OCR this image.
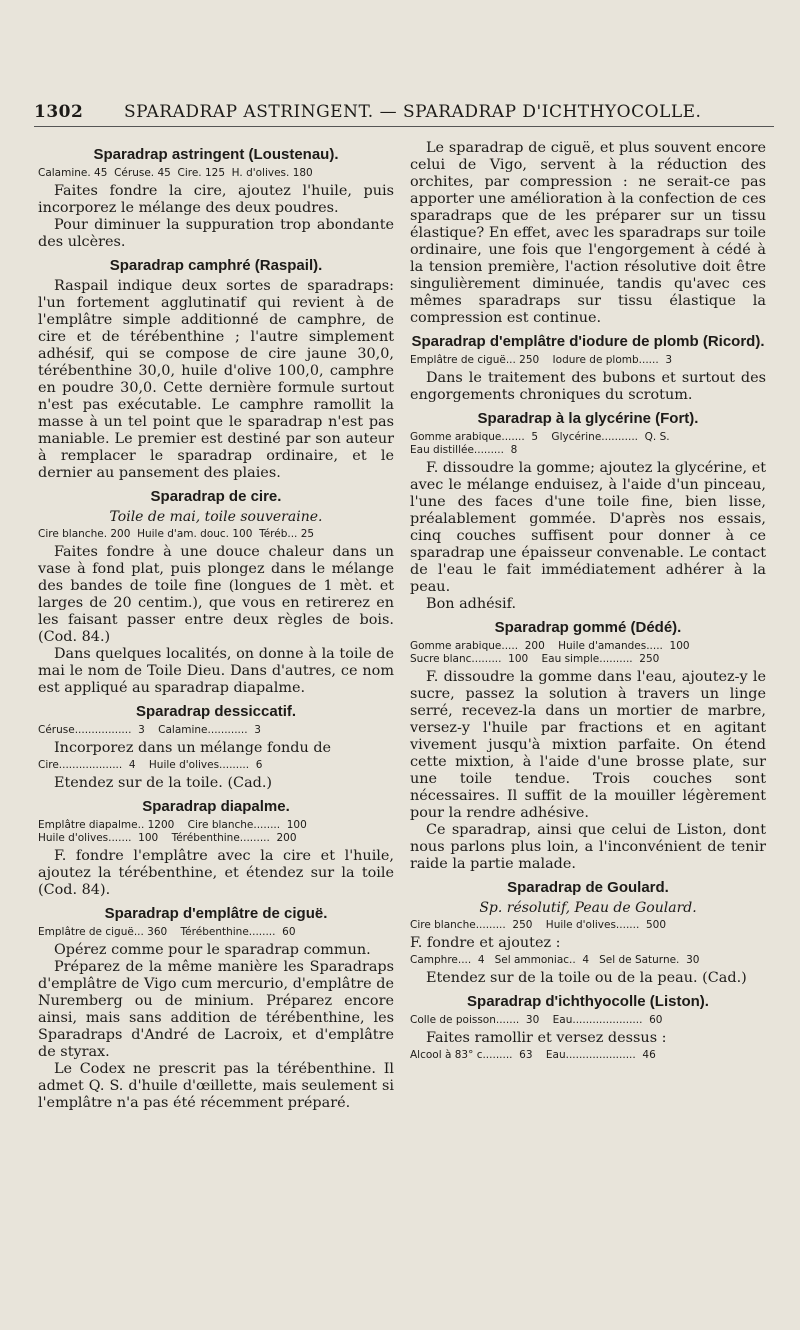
1302 SPARADRAP ASTRINGENT. — SPARADRAP D'ICHTHYOCOLLE.
Sparadrap astringent (Loustenau).
Calamine. 45  Céruse. 45  Cire. 125  H. d'olives. 180

Faites fondre la cire, ajoutez l'huile, puis incorporez le mélange des deux poudres.

Pour diminuer la suppuration trop abondante des ulcères.

Sparadrap camphré (Raspail).

Raspail indique deux sortes de sparadraps: l'un fortement agglutinatif qui revient à de l'emplâtre simple additionné de camphre, de cire et de térébenthine ; l'autre simplement adhésif, qui se compose de cire jaune 30,0, térébenthine 30,0, huile d'olive 100,0, camphre en poudre 30,0. Cette dernière formule surtout n'est pas exécutable. Le camphre ramollit la masse à un tel point que le sparadrap n'est pas maniable. Le premier est destiné par son auteur à remplacer le sparadrap ordinaire, et le dernier au pansement des plaies.

Sparadrap de cire.
Toile de mai, toile souveraine.
Cire blanche. 200  Huile d'am. douc. 100  Téréb... 25

Faites fondre à une douce chaleur dans un vase à fond plat, puis plongez dans le mélange des bandes de toile fine (longues de 1 mèt. et larges de 20 centim.), que vous en retirerez en les faisant passer entre deux règles de bois. (Cod. 84.)

Dans quelques localités, on donne à la toile de mai le nom de Toile Dieu. Dans d'autres, ce nom est appliqué au sparadrap diapalme.

Sparadrap dessiccatif.
Céruse.................  3    Calamine............  3

Incorporez dans un mélange fondu de

Cire...................  4    Huile d'olives.........  6

Etendez sur de la toile. (Cad.)

Sparadrap diapalme.
Emplâtre diapalme.. 1200    Cire blanche........  100
Huile d'olives.......  100    Térébenthine.........  200

F. fondre l'emplâtre avec la cire et l'huile, ajoutez la térébenthine, et étendez sur la toile (Cod. 84).

Sparadrap d'emplâtre de ciguë.
Emplâtre de ciguë... 360    Térébenthine........  60

Opérez comme pour le sparadrap commun.

Préparez de la même manière les Sparadraps d'emplâtre de Vigo cum mercurio, d'emplâtre de Nuremberg ou de minium. Préparez encore ainsi, mais sans addition de térébenthine, les Sparadraps d'André de Lacroix, et d'emplâtre de styrax.

Le Codex ne prescrit pas la térébenthine. Il admet Q. S. d'huile d'œillette, mais seulement si l'emplâtre n'a pas été récemment préparé.

Le sparadrap de ciguë, et plus souvent encore celui de Vigo, servent à la réduction des orchites, par compression : ne serait-ce pas apporter une amélioration à la confection de ces sparadraps que de les préparer sur un tissu élastique? En effet, avec les sparadraps sur toile ordinaire, une fois que l'engorgement à cédé à la tension première, l'action résolutive doit être singulièrement diminuée, tandis qu'avec ces mêmes sparadraps sur tissu élastique la compression est continue.

Sparadrap d'emplâtre d'iodure de plomb (Ricord).
Emplâtre de ciguë... 250    Iodure de plomb......  3

Dans le traitement des bubons et surtout des engorgements chroniques du scrotum.

Sparadrap à la glycérine (Fort).
Gomme arabique.......  5    Glycérine...........  Q. S.
Eau distillée.........  8

F. dissoudre la gomme; ajoutez la glycérine, et avec le mélange enduisez, à l'aide d'un pinceau, l'une des faces d'une toile fine, bien lisse, préalablement gommée. D'après nos essais, cinq couches suffisent pour donner à ce sparadrap une épaisseur convenable. Le contact de l'eau le fait immédiatement adhérer à la peau.

Bon adhésif.

Sparadrap gommé (Dédé).
Gomme arabique.....  200    Huile d'amandes.....  100
Sucre blanc.........  100    Eau simple..........  250

F. dissoudre la gomme dans l'eau, ajoutez-y le sucre, passez la solution à travers un linge serré, recevez-la dans un mortier de marbre, versez-y l'huile par fractions et en agitant vivement jusqu'à mixtion parfaite. On étend cette mixtion, à l'aide d'une brosse plate, sur une toile tendue. Trois couches sont nécessaires. Il suffit de la mouiller légèrement pour la rendre adhésive.

Ce sparadrap, ainsi que celui de Liston, dont nous parlons plus loin, a l'inconvénient de tenir raide la partie malade.

Sparadrap de Goulard.
Sp. résolutif, Peau de Goulard.
Cire blanche.........  250    Huile d'olives.......  500

F. fondre et ajoutez :

Camphre....  4   Sel ammoniac..  4   Sel de Saturne.  30

Etendez sur de la toile ou de la peau. (Cad.)

Sparadrap d'ichthyocolle (Liston).
Colle de poisson.......  30    Eau.....................  60

Faites ramollir et versez dessus :

Alcool à 83° c.........  63    Eau.....................  46
